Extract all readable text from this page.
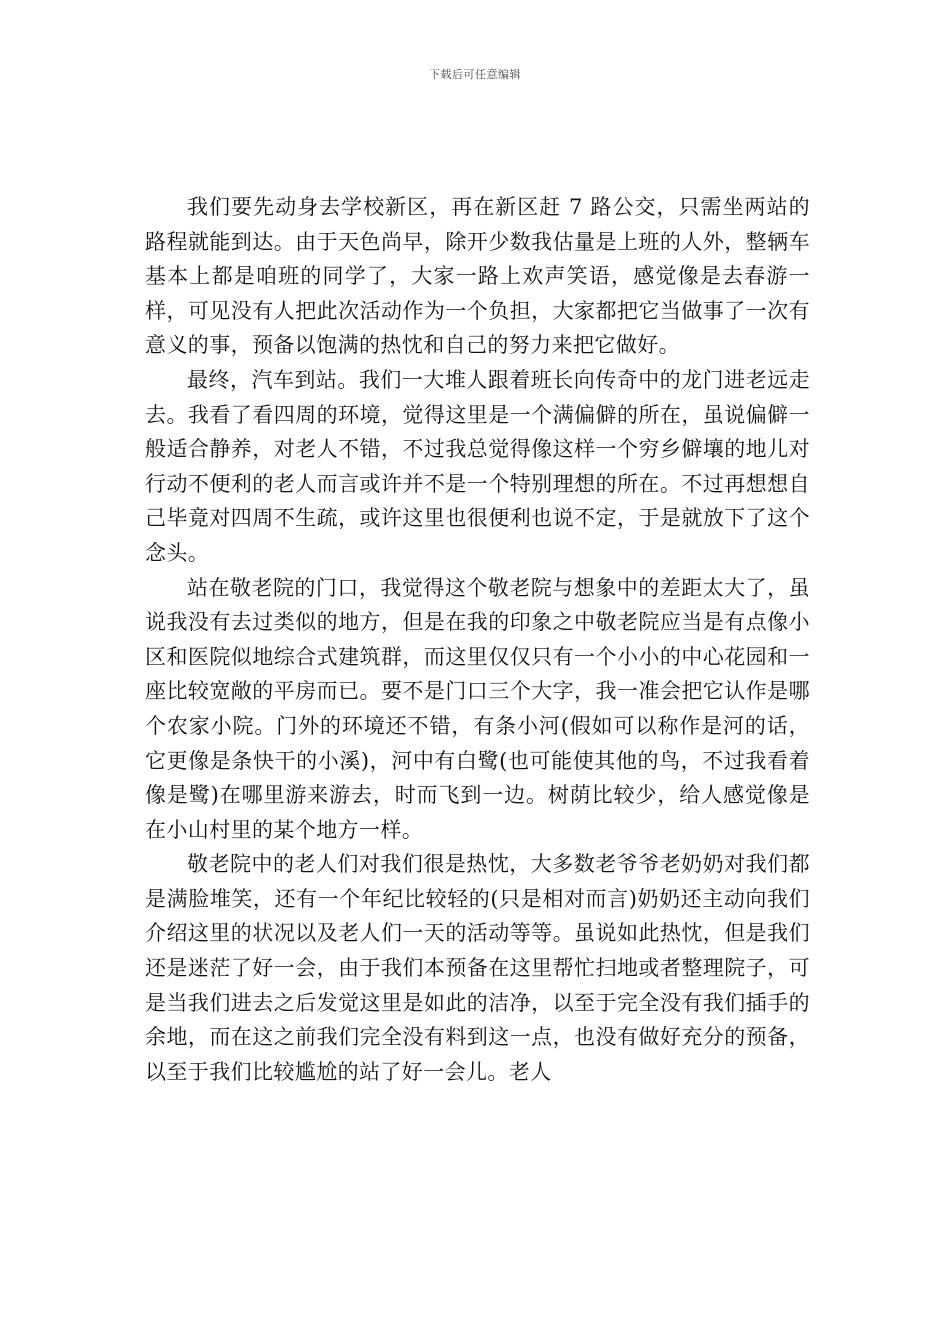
下载后可任意编辑

我们要先动身去学校新区，再在新区赶 7 路公交，只需坐两站的路程就能到达。由于天色尚早，除开少数我估量是上班的人外，整辆车基本上都是咱班的同学了，大家一路上欢声笑语，感觉像是去春游一样，可见没有人把此次活动作为一个负担，大家都把它当做事了一次有意义的事，预备以饱满的热忱和自己的努力来把它做好。

最终，汽车到站。我们一大堆人跟着班长向传奇中的龙门进老远走去。我看了看四周的环境，觉得这里是一个满偏僻的所在，虽说偏僻一般适合静养，对老人不错，不过我总觉得像这样一个穷乡僻壤的地儿对行动不便利的老人而言或许并不是一个特别理想的所在。不过再想想自己毕竟对四周不生疏，或许这里也很便利也说不定，于是就放下了这个念头。

站在敬老院的门口，我觉得这个敬老院与想象中的差距太大了，虽说我没有去过类似的地方，但是在我的印象之中敬老院应当是有点像小区和医院似地综合式建筑群，而这里仅仅只有一个小小的中心花园和一座比较宽敞的平房而已。要不是门口三个大字，我一准会把它认作是哪个农家小院。门外的环境还不错，有条小河(假如可以称作是河的话，它更像是条快干的小溪)，河中有白鹭(也可能使其他的鸟，不过我看着像是鹭)在哪里游来游去，时而飞到一边。树荫比较少，给人感觉像是在小山村里的某个地方一样。

敬老院中的老人们对我们很是热忱，大多数老爷爷老奶奶对我们都是满脸堆笑，还有一个年纪比较轻的(只是相对而言)奶奶还主动向我们介绍这里的状况以及老人们一天的活动等等。虽说如此热忱，但是我们还是迷茫了好一会，由于我们本预备在这里帮忙扫地或者整理院子，可是当我们进去之后发觉这里是如此的洁净，以至于完全没有我们插手的余地，而在这之前我们完全没有料到这一点，也没有做好充分的预备，以至于我们比较尴尬的站了好一会儿。老人
